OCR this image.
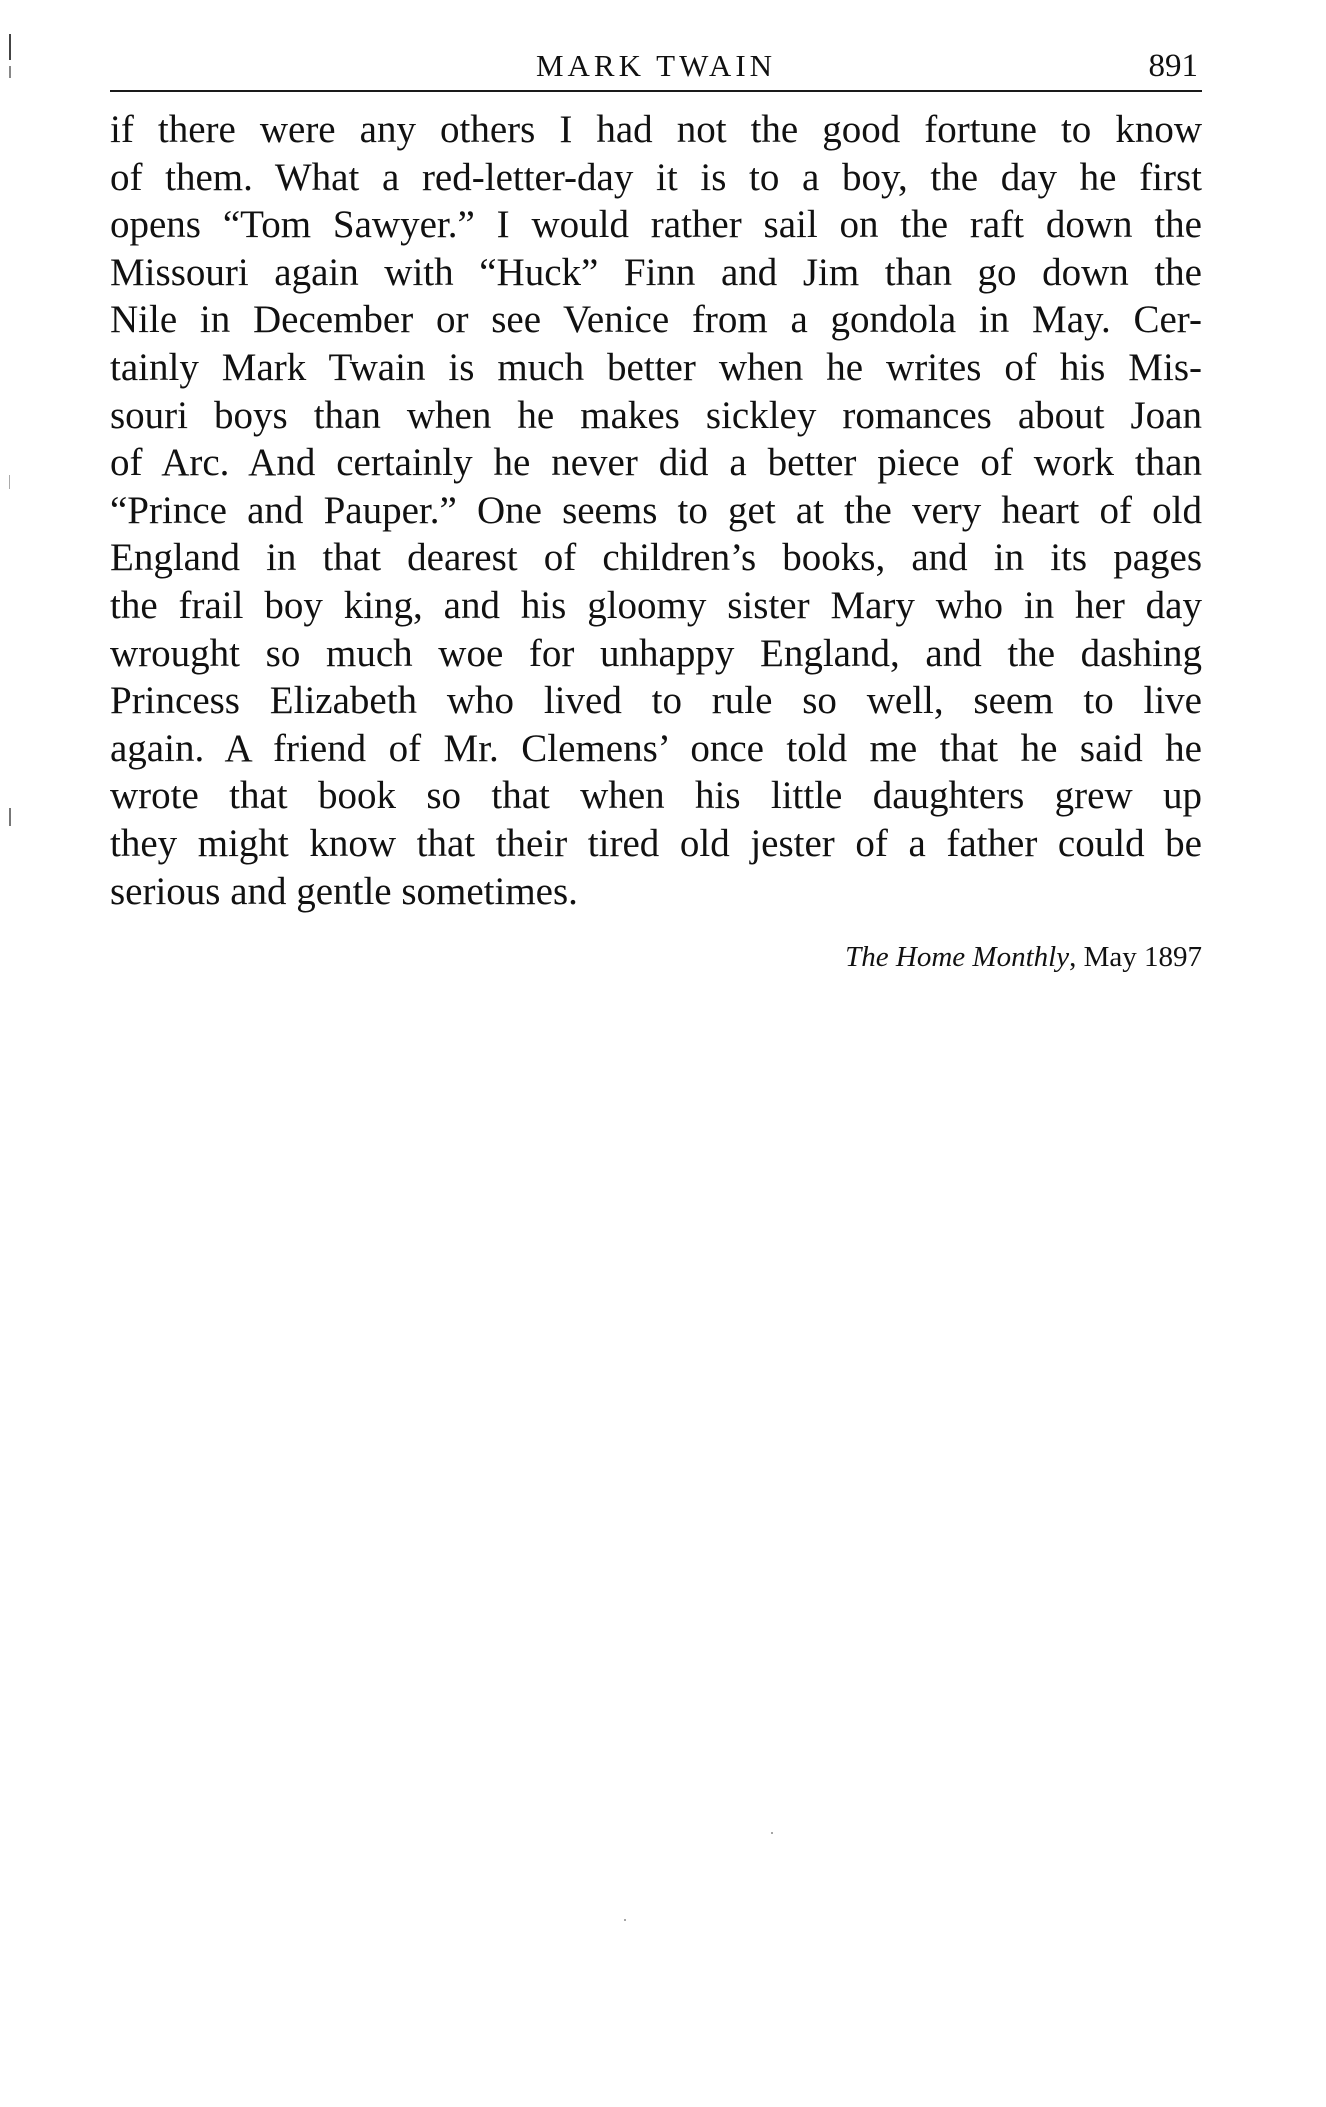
MARK TWAIN	891
if there were any others I had not the good fortune to know
of them. What a red-letter-day it is to a boy, the day he first
opens “Tom Sawyer.” I would rather sail on the raft down the
Missouri again with “Huck” Finn and Jim than go down the
Nile in December or see Venice from a gondola in May. Cer-
tainly Mark Twain is much better when he writes of his Mis-
souri boys than when he makes sickley romances about Joan
of Arc. And certainly he never did a better piece of work than
“Prince and Pauper.” One seems to get at the very heart of old
England in that dearest of children’s books, and in its pages
the frail boy king, and his gloomy sister Mary who in her day
wrought so much woe for unhappy England, and the dashing
Princess Elizabeth who lived to rule so well, seem to live
again. A friend of Mr. Clemens’ once told me that he said he
wrote that book so that when his little daughters grew up
they might know that their tired old jester of a father could be
serious and gentle sometimes.
The Home Monthly, May 1897
